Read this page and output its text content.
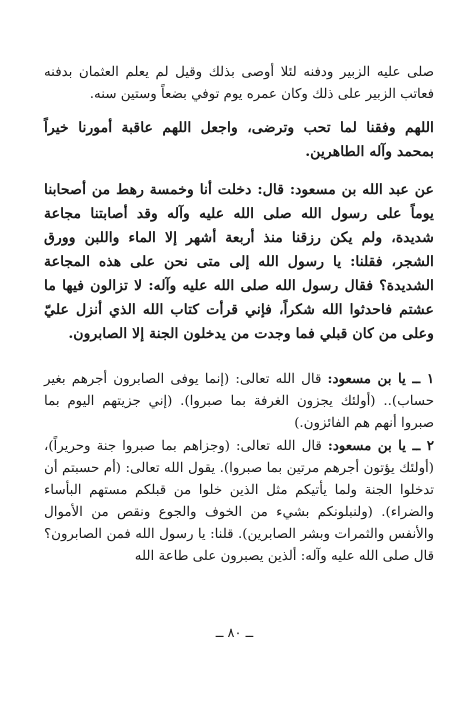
صلى عليه الزبير ودفنه لئلا أوصى بذلك وقيل لم يعلم العثمان بدفنه فعاتب الزبير على ذلك وكان عمره يوم توفي بضعاً وستين سنه.

اللهم وفقنا لما تحب وترضى، واجعل اللهم عاقبة أمورنا خيراً بمحمد وآله الطاهرين.

عن عبد الله بن مسعود: قال: دخلت أنا وخمسة رهط من أصحابنا يوماً على رسول الله صلى الله عليه وآله وقد أصابتنا مجاعة شديدة، ولم يكن رزقنا منذ أربعة أشهر إلا الماء واللبن وورق الشجر، فقلنا: يا رسول الله إلى متى نحن على هذه المجاعة الشديدة؟ فقال رسول الله صلى الله عليه وآله: لا تزالون فيها ما عشتم فاحدثوا الله شكراً، فإني قرأت كتاب الله الذي أنزل عليّ وعلى من كان قبلي فما وجدت من يدخلون الجنة إلا الصابرون.

١ ــ يا بن مسعود: قال الله تعالى: (إنما يوفى الصابرون أجرهم بغير حساب).. (أولئك يجزون الغرفة بما صبروا). (إني جزيتهم اليوم بما صبروا أنهم هم الفائزون.)

٢ ــ يا بن مسعود: قال الله تعالى: (وجزاهم بما صبروا جنة وحريراً)، (أولئك يؤتون أجرهم مرتين بما صبروا). يقول الله تعالى: (أم حسبتم أن تدخلوا الجنة ولما يأتيكم مثل الذين خلوا من قبلكم مستهم البأساء والضراء). (ولنبلونكم بشيء من الخوف والجوع ونقص من الأموال والأنفس والثمرات وبشر الصابرين). قلنا: يا رسول الله فمن الصابرون؟ قال صلى الله عليه وآله: ألذين يصبرون على طاعة الله

ــ ٨٠ ــ
